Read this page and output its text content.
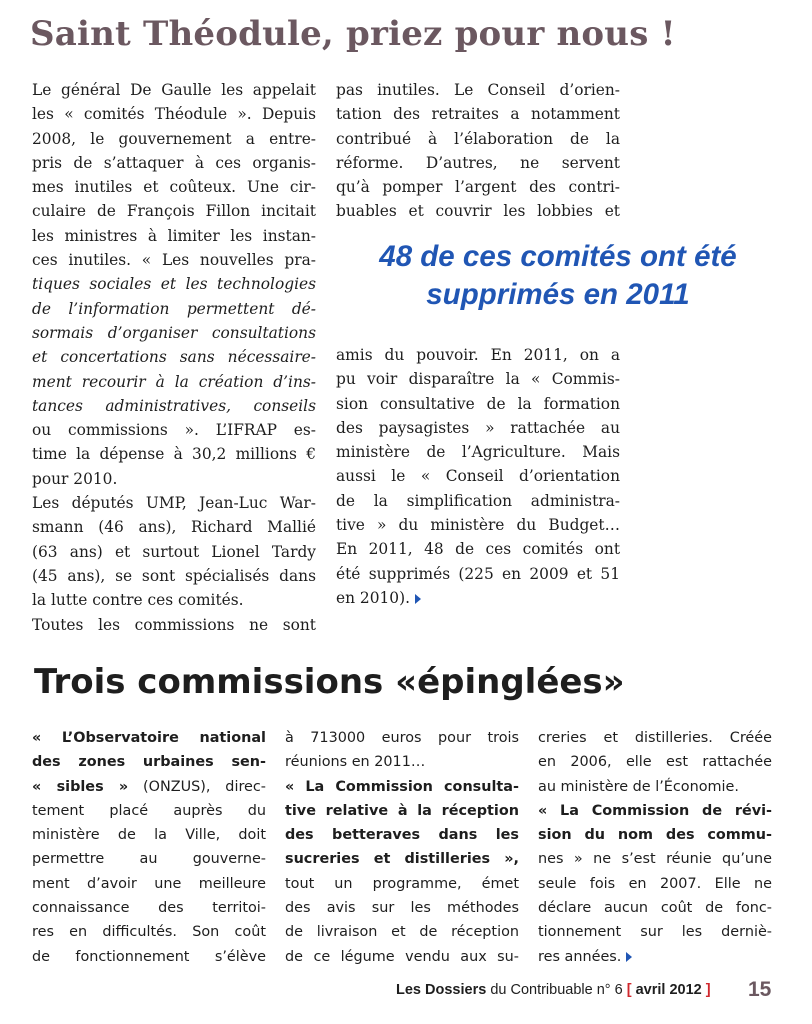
Saint Théodule, priez pour nous !
Le général De Gaulle les appelait
les « comités Théodule ». Depuis
2008, le gouvernement a entre-
pris de s’attaquer à ces organis-
mes inutiles et coûteux. Une cir-
culaire de François Fillon incitait
les ministres à limiter les instan-
ces inutiles. « Les nouvelles pra-
tiques sociales et les technologies
de l’information permettent dé-
sormais d’organiser consultations
et concertations sans nécessaire-
ment recourir à la création d’ins-
tances administratives, conseils
ou commissions ». L’IFRAP es-
time la dépense à 30,2 millions €
pour 2010.
Les députés UMP, Jean-Luc War-
smann (46 ans), Richard Mallié
(63 ans) et surtout Lionel Tardy
(45 ans), se sont spécialisés dans
la lutte contre ces comités.
Toutes les commissions ne sont
pas inutiles. Le Conseil d’orien-
tation des retraites a notamment
contribué à l’élaboration de la
réforme. D’autres, ne servent
qu’à pomper l’argent des contri-
buables et couvrir les lobbies et
48 de ces comités ont été
supprimés en 2011
amis du pouvoir. En 2011, on a
pu voir disparaître la « Commis-
sion consultative de la formation
des paysagistes » rattachée au
ministère de l’Agriculture. Mais
aussi le « Conseil d’orientation
de la simplification administra-
tive » du ministère du Budget…
En 2011, 48 de ces comités ont
été supprimés (225 en 2009 et 51
en 2010).
Trois commissions «épinglées»
« L’Observatoire national
des zones urbaines sen-
« sibles » (ONZUS), direc-
tement placé auprès du
ministère de la Ville, doit
permettre au gouverne-
ment d’avoir une meilleure
connaissance des territoi-
res en difficultés. Son coût
de fonctionnement s’élève
à 713000 euros pour trois
réunions en 2011…
« La Commission consulta-
tive relative à la réception
des betteraves dans les
sucreries et distilleries »,
tout un programme, émet
des avis sur les méthodes
de livraison et de réception
de ce légume vendu aux su-
creries et distilleries. Créée
en 2006, elle est rattachée
au ministère de l’Économie.
« La Commission de révi-
sion du nom des commu-
nes » ne s’est réunie qu’une
seule fois en 2007. Elle ne
déclare aucun coût de fonc-
tionnement sur les derniè-
res années.
Les Dossiers du Contribuable n° 6 [ avril 2012 ]	15
